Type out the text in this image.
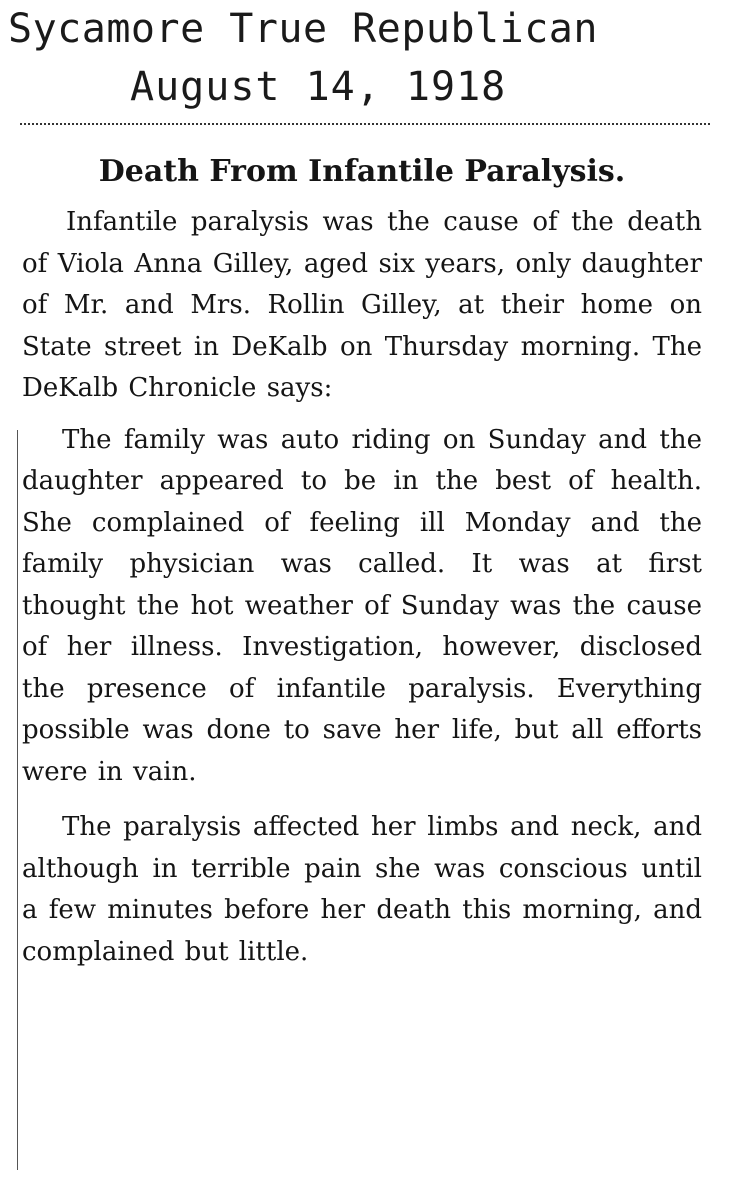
Sycamore True Republican
August 14, 1918
Death From Infantile Paralysis.

Infantile paralysis was the cause of the death of Viola Anna Gilley, aged six years, only daughter of Mr. and Mrs. Rollin Gilley, at their home on State street in DeKalb on Thursday morning. The DeKalb Chronicle says:

The family was auto riding on Sunday and the daughter appeared to be in the best of health. She complained of feeling ill Monday and the family physician was called. It was at first thought the hot weather of Sunday was the cause of her illness. Investigation, however, disclosed the presence of infantile paralysis. Everything possible was done to save her life, but all efforts were in vain.

The paralysis affected her limbs and neck, and although in terrible pain she was conscious until a few minutes before her death this morning, and complained but little.
